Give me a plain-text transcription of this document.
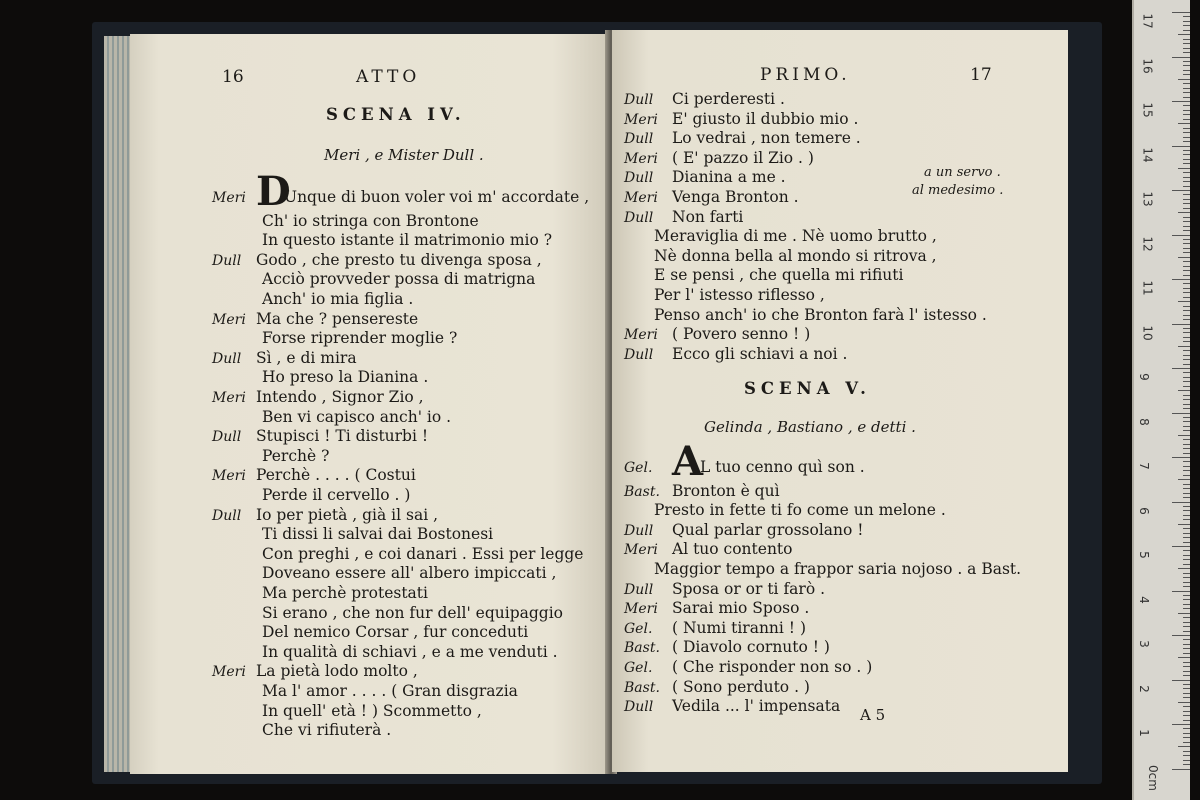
16	ATTO
SCENA IV.
Meri , e Mister Dull .
Meri D
Unque di buon voler voi m' accordate ,
Ch' io stringa con Brontone
In questo istante il matrimonio mio ?
Dull Godo , che presto tu divenga sposa ,
Acciò provveder possa di matrigna
Anch' io mia figlia .
Meri Ma che ? pensereste
Forse riprender moglie ?
Dull Sì , e di mira
Ho preso la Dianina .
Meri Intendo , Signor Zio ,
Ben vi capisco anch' io .
Dull Stupisci ! Ti disturbi !
Perchè ?
Meri Perchè . . . . ( Costui
Perde il cervello . )
Dull Io per pietà , già il sai ,
Ti dissi li salvai dai Bostonesi
Con preghi , e coi danari . Essi per legge
Doveano essere all' albero impiccati ,
Ma perchè protestati
Si erano , che non fur dell' equipaggio
Del nemico Corsar , fur conceduti
In qualità di schiavi , e a me venduti .
Meri La pietà lodo molto ,
Ma l' amor . . . . ( Gran disgrazia
In quell' età ! ) Scommetto ,
Che vi rifiuterà .
PRIMO.	17
a un servo .
al medesimo .
SCENA V.
Gelinda , Bastiano , e detti .
A 5
Dull Ci perderesti .
Meri E' giusto il dubbio mio .
Dull Lo vedrai , non temere .
Meri ( E' pazzo il Zio . )
Dull Dianina a me .
Meri Venga Bronton .
Dull Non farti
Meraviglia di me . Nè uomo brutto ,
Nè donna bella al mondo si ritrova ,
E se pensi , che quella mi rifiuti
Per l' istesso riflesso ,
Penso anch' io che Bronton farà l' istesso .
Meri ( Povero senno ! )
Dull Ecco gli schiavi a noi .
Gel. A
L tuo cenno quì son .
Bast. Bronton è quì
Presto in fette ti fo come un melone .
Dull Qual parlar grossolano !
Meri Al tuo contento
Maggior tempo a frappor saria nojoso . a Bast.
Dull Sposa or or ti farò .
Meri Sarai mio Sposo .
Gel. ( Numi tiranni ! )
Bast. ( Diavolo cornuto ! )
Gel. ( Che risponder non so . )
Bast. ( Sono perduto . )
Dull Vedila ... l' impensata
17
16
15
14
13
12
11
10
9
8
7
6
5
4
3
2
1
0cm
